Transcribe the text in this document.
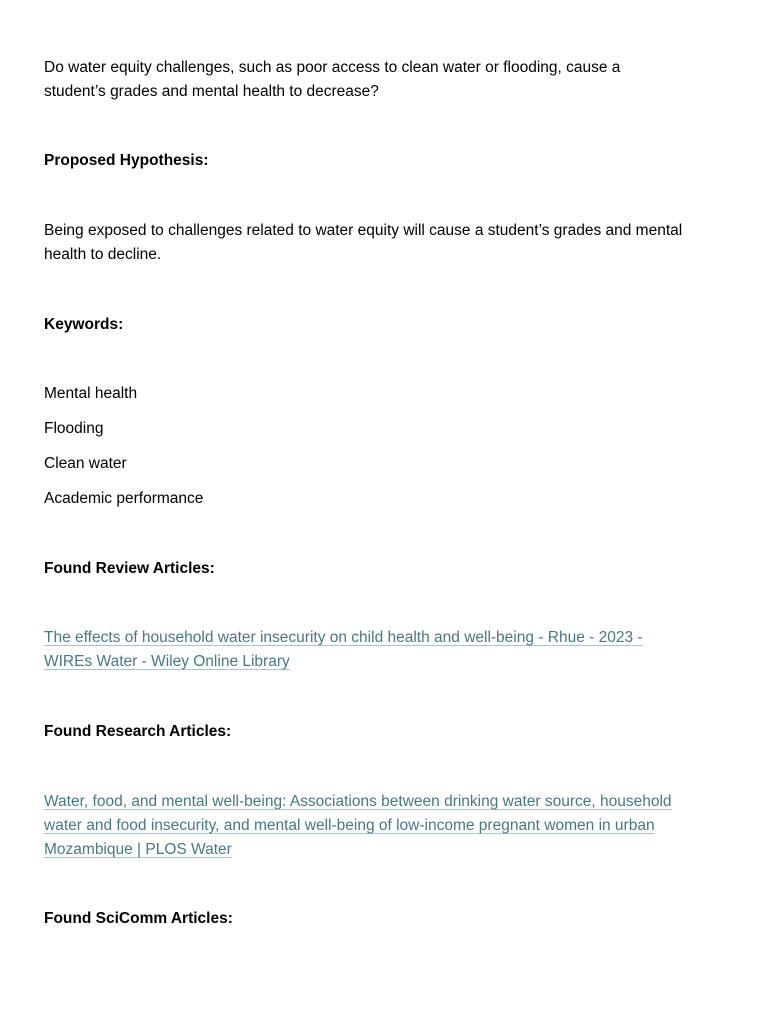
Do water equity challenges, such as poor access to clean water or flooding, cause a student’s grades and mental health to decrease?

Proposed Hypothesis:

Being exposed to challenges related to water equity will cause a student’s grades and mental health to decline.

Keywords:

Mental health

Flooding

Clean water

Academic performance

Found Review Articles:

The effects of household water insecurity on child health and well-being - Rhue - 2023 - WIREs Water - Wiley Online Library

Found Research Articles:

Water, food, and mental well-being: Associations between drinking water source, household water and food insecurity, and mental well-being of low-income pregnant women in urban Mozambique | PLOS Water

Found SciComm Articles:
